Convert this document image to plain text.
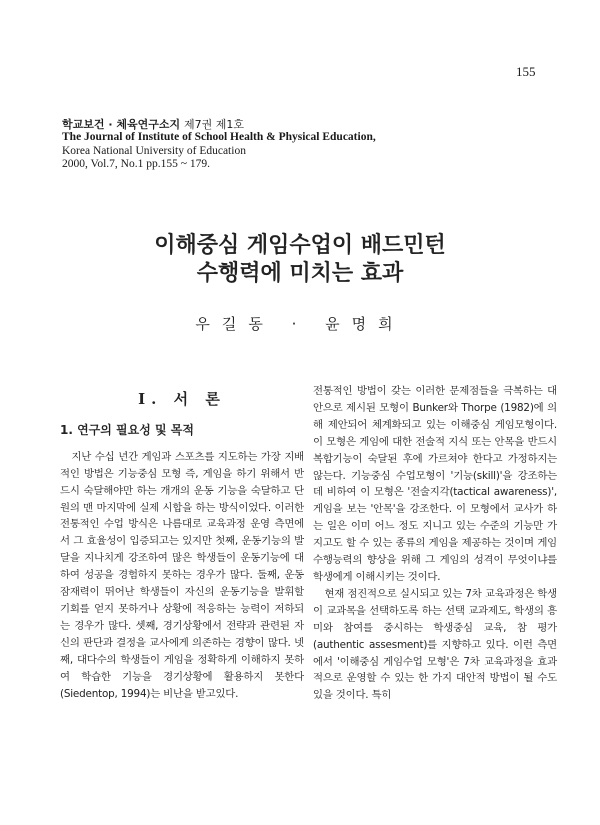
155
학교보건 · 체육연구소지 제7권 제1호
The Journal of Institute of School Health & Physical Education,
Korea National University of Education
2000, Vol.7, No.1 pp.155 ~ 179.
이해중심 게임수업이 배드민턴
수행력에 미치는 효과
우길동 · 윤명희
Ⅰ. 서 론
1. 연구의 필요성 및 목적

지난 수십 년간 게임과 스포츠를 지도하는 가장 지배적인 방법은 기능중심 모형 즉, 게임을 하기 위해서 반드시 숙달해야만 하는 개개의 운동 기능을 숙달하고 단원의 맨 마지막에 실제 시합을 하는 방식이었다. 이러한 전통적인 수업 방식은 나름대로 교육과정 운영 측면에서 그 효율성이 입증되고는 있지만 첫째, 운동기능의 발달을 지나치게 강조하여 많은 학생들이 운동기능에 대하여 성공을 경험하지 못하는 경우가 많다. 둘째, 운동 잠재력이 뛰어난 학생들이 자신의 운동기능을 발휘할 기회를 얻지 못하거나 상황에 적응하는 능력이 저하되는 경우가 많다. 셋째, 경기상황에서 전략과 관련된 자신의 판단과 결정을 교사에게 의존하는 경향이 많다. 넷째, 대다수의 학생들이 게임을 정확하게 이해하지 못하여 학습한 기능을 경기상황에 활용하지 못한다(Siedentop, 1994)는 비난을 받고있다.

전통적인 방법이 갖는 이러한 문제점들을 극복하는 대안으로 제시된 모형이 Bunker와 Thorpe (1982)에 의해 제안되어 체계화되고 있는 이해중심 게임모형이다. 이 모형은 게임에 대한 전술적 지식 또는 안목을 반드시 복합기능이 숙달된 후에 가르쳐야 한다고 가정하지는 않는다. 기능중심 수업모형이 '기능(skill)'을 강조하는 데 비하여 이 모형은 '전술지각(tactical awareness)', 게임을 보는 '안목'을 강조한다. 이 모형에서 교사가 하는 일은 이미 어느 정도 지니고 있는 수준의 기능만 가지고도 할 수 있는 종류의 게임을 제공하는 것이며 게임 수행능력의 향상을 위해 그 게임의 성격이 무엇이냐를 학생에게 이해시키는 것이다.

현재 점진적으로 실시되고 있는 7차 교육과정은 학생이 교과목을 선택하도록 하는 선택 교과제도, 학생의 흥미와 참여를 중시하는 학생중심 교육, 참 평가(authentic assesment)를 지향하고 있다. 이런 측면에서 '이해중심 게임수업 모형'은 7차 교육과정을 효과적으로 운영할 수 있는 한 가지 대안적 방법이 될 수도 있을 것이다. 특히
